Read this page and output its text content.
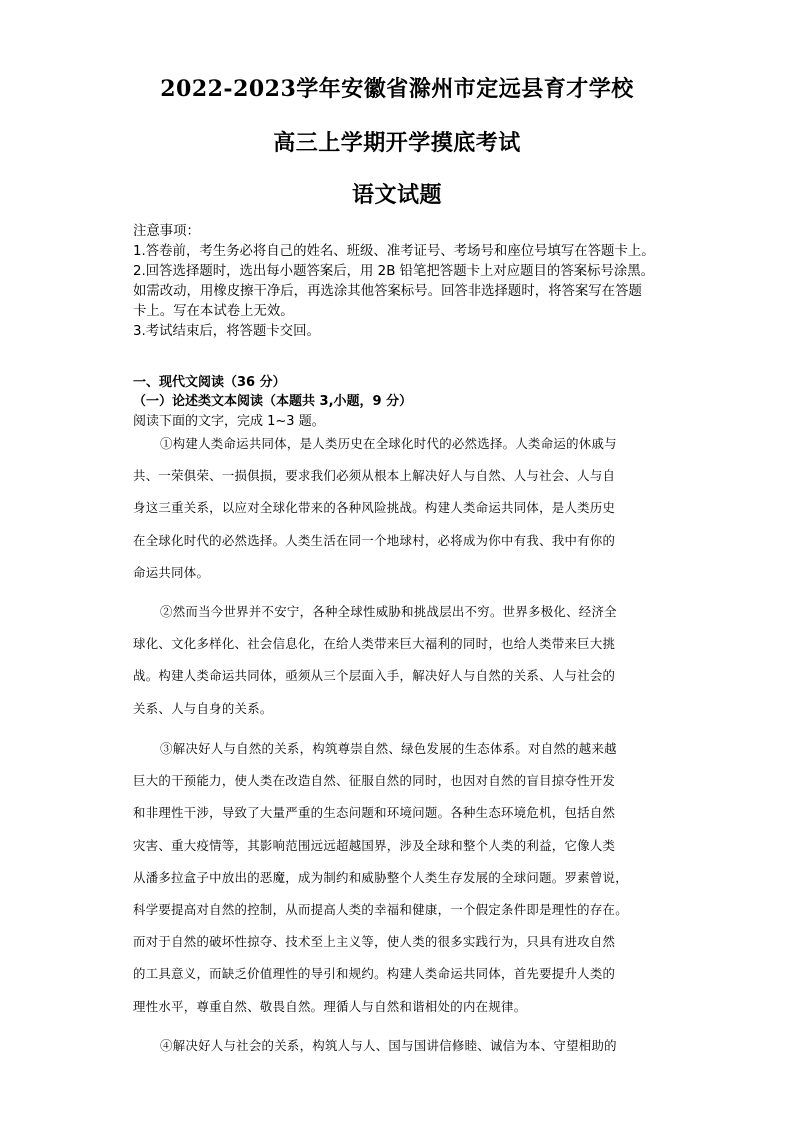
2022-2023学年安徽省滁州市定远县育才学校
高三上学期开学摸底考试
语文试题
注意事项：
1.答卷前，考生务必将自己的姓名、班级、准考证号、考场号和座位号填写在答题卡上。
2.回答选择题时，选出每小题答案后，用 2B 铅笔把答题卡上对应题目的答案标号涂黑。
如需改动，用橡皮擦干净后，再选涂其他答案标号。回答非选择题时，将答案写在答题
卡上。写在本试卷上无效。
3.考试结束后，将答题卡交回。
一、现代文阅读（36 分）
（一）论述类文本阅读（本题共 3,小题，9 分）
阅读下面的文字，完成 1~3 题。
①构建人类命运共同体，是人类历史在全球化时代的必然选择。人类命运的休戚与
共、一荣俱荣、一损俱损，要求我们必须从根本上解决好人与自然、人与社会、人与自
身这三重关系，以应对全球化带来的各种风险挑战。构建人类命运共同体，是人类历史
在全球化时代的必然选择。人类生活在同一个地球村，必将成为你中有我、我中有你的
命运共同体。
②然而当今世界并不安宁，各种全球性威胁和挑战层出不穷。世界多极化、经济全
球化、文化多样化、社会信息化，在给人类带来巨大福利的同时，也给人类带来巨大挑
战。构建人类命运共同体，亟须从三个层面入手，解决好人与自然的关系、人与社会的
关系、人与自身的关系。
③解决好人与自然的关系，构筑尊崇自然、绿色发展的生态体系。对自然的越来越
巨大的干预能力，使人类在改造自然、征服自然的同时，也因对自然的盲目掠夺性开发
和非理性干涉，导致了大量严重的生态问题和环境问题。各种生态环境危机，包括自然
灾害、重大疫情等，其影响范围远远超越国界，涉及全球和整个人类的利益，它像人类
从潘多拉盒子中放出的恶魔，成为制约和威胁整个人类生存发展的全球问题。罗素曾说，
科学要提高对自然的控制，从而提高人类的幸福和健康，一个假定条件即是理性的存在。
而对于自然的破坏性掠夺、技术至上主义等，使人类的很多实践行为，只具有进攻自然
的工具意义，而缺乏价值理性的导引和规约。构建人类命运共同体，首先要提升人类的
理性水平，尊重自然、敬畏自然。理循人与自然和谐相处的内在规律。
④解决好人与社会的关系，构筑人与人、国与国讲信修睦、诚信为本、守望相助的
